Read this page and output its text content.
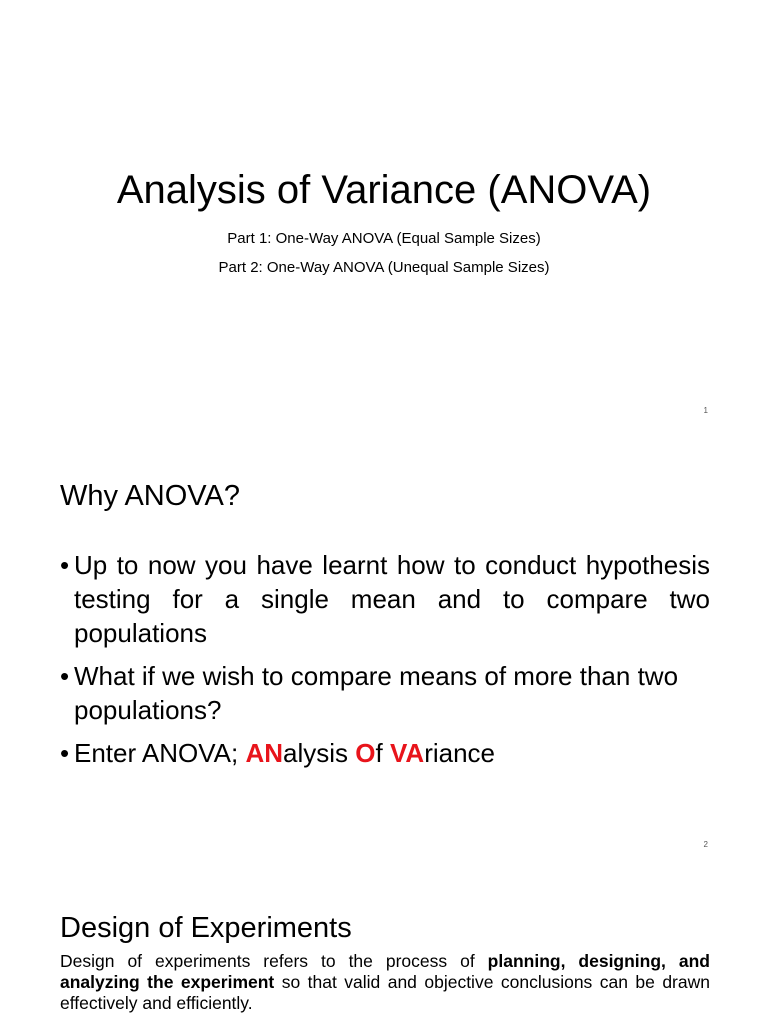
Analysis of Variance (ANOVA)
Part 1: One-Way ANOVA (Equal Sample Sizes)
Part 2: One-Way ANOVA (Unequal Sample Sizes)
1
Why ANOVA?
• Up to now you have learnt how to conduct hypothesis testing for a single mean and to compare two populations
• What if we wish to compare means of more than two populations?
• Enter ANOVA; ANalysis Of VAriance
2
Design of Experiments
Design of experiments refers to the process of planning, designing, and analyzing the experiment so that valid and objective conclusions can be drawn effectively and efficiently.
